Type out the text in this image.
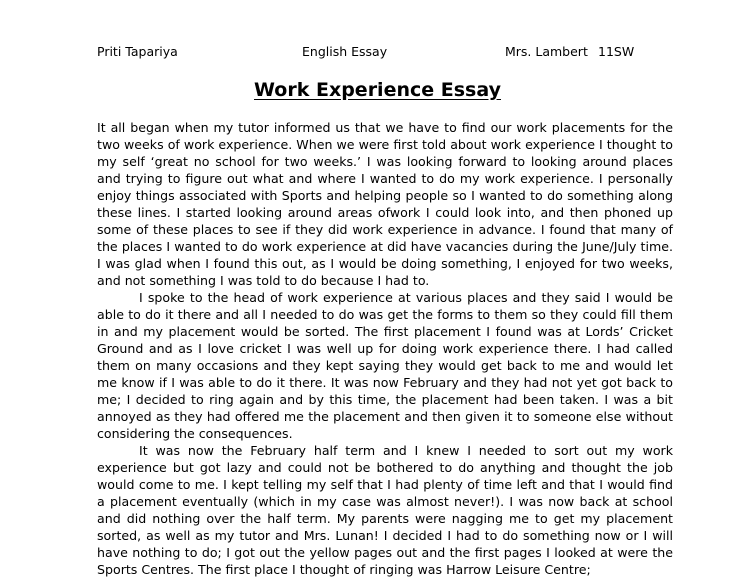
Priti Tapariya	English Essay	Mrs. Lambert 11SW
Work Experience Essay

It all began when my tutor informed us that we have to find our work placements for the two weeks of work experience. When we were first told about work experience I thought to my self ‘great no school for two weeks.’ I was looking forward to looking around places and trying to figure out what and where I wanted to do my work experience. I personally enjoy things associated with Sports and helping people so I wanted to do something along these lines. I started looking around areas ofwork I could look into, and then phoned up some of these places to see if they did work experience in advance. I found that many of the places I wanted to do work experience at did have vacancies during the June/July time. I was glad when I found this out, as I would be doing something, I enjoyed for two weeks, and not something I was told to do because I had to.

I spoke to the head of work experience at various places and they said I would be able to do it there and all I needed to do was get the forms to them so they could fill them in and my placement would be sorted. The first placement I found was at Lords’ Cricket Ground and as I love cricket I was well up for doing work experience there. I had called them on many occasions and they kept saying they would get back to me and would let me know if I was able to do it there. It was now February and they had not yet got back to me; I decided to ring again and by this time, the placement had been taken. I was a bit annoyed as they had offered me the placement and then given it to someone else without considering the consequences.

It was now the February half term and I knew I needed to sort out my work experience but got lazy and could not be bothered to do anything and thought the job would come to me. I kept telling my self that I had plenty of time left and that I would find a placement eventually (which in my case was almost never!). I was now back at school and did nothing over the half term. My parents were nagging me to get my placement sorted, as well as my tutor and Mrs. Lunan! I decided I had to do something now or I will have nothing to do; I got out the yellow pages out and the first pages I looked at were the Sports Centres. The first place I thought of ringing was Harrow Leisure Centre;
